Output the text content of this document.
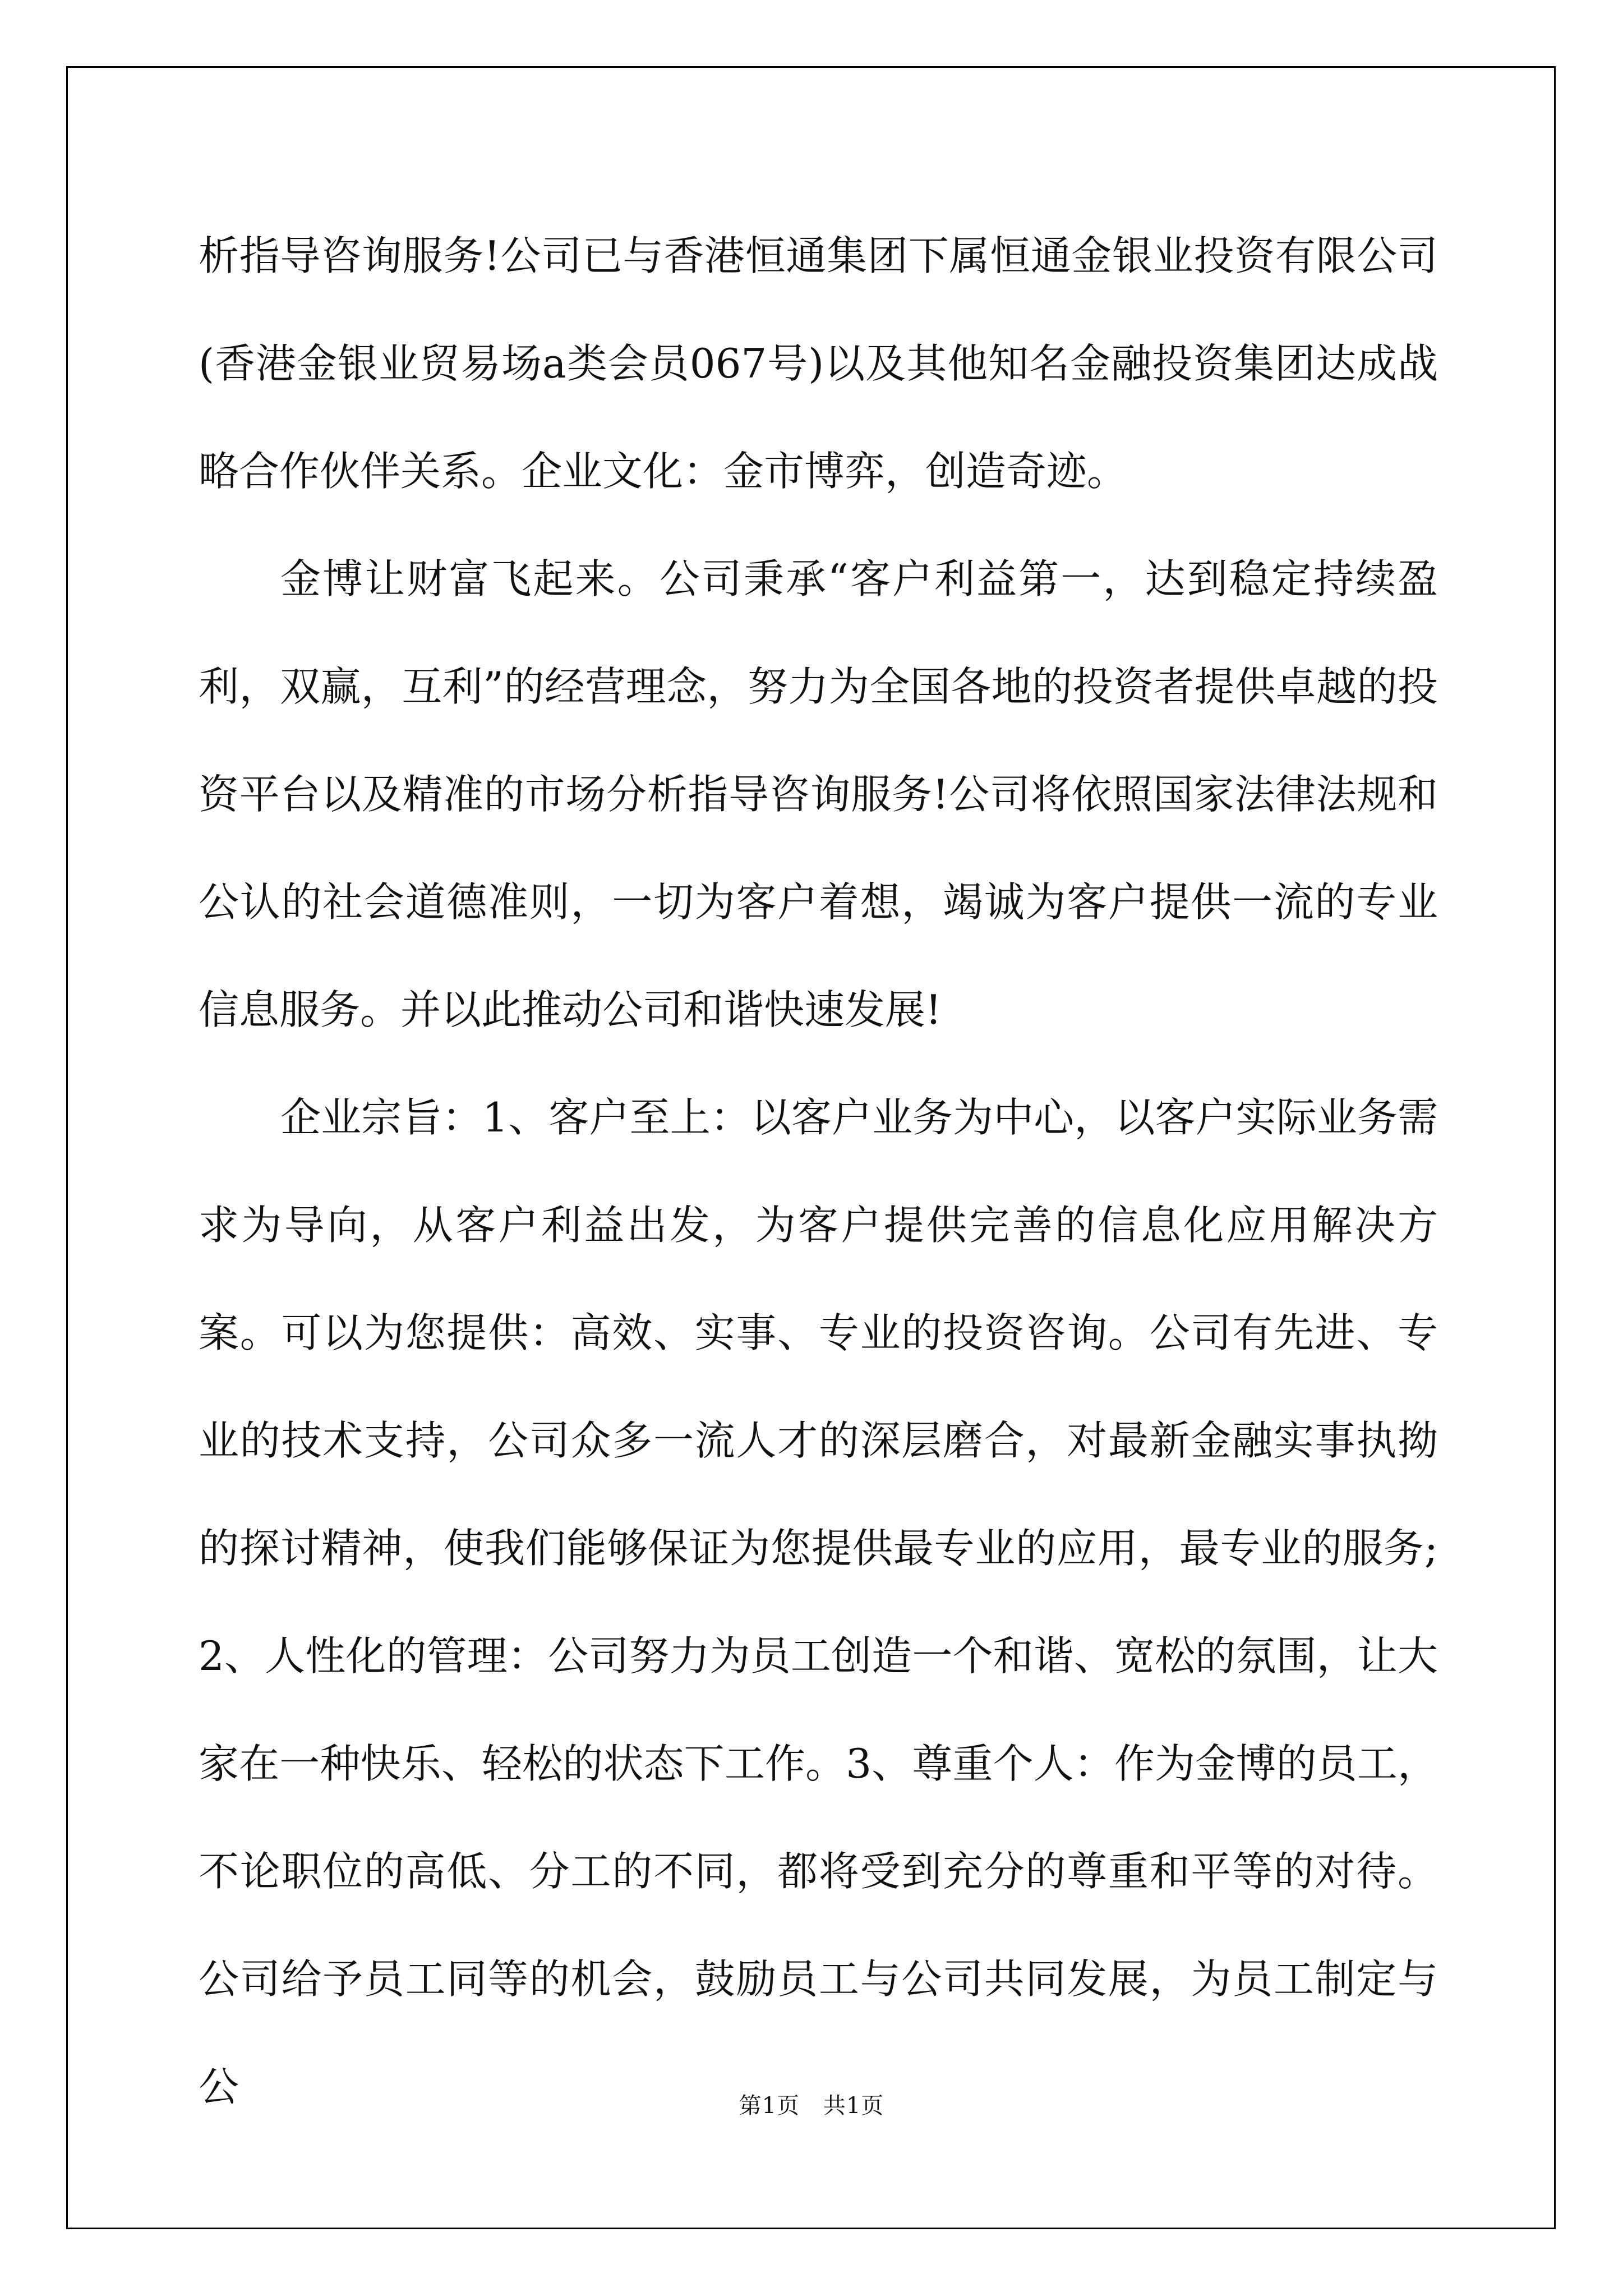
析指导咨询服务!公司已与香港恒通集团下属恒通金银业投资有限公司(香港金银业贸易场a类会员067号)以及其他知名金融投资集团达成战略合作伙伴关系。企业文化：金市博弈，创造奇迹。

金博让财富飞起来。公司秉承“客户利益第一，达到稳定持续盈利，双赢，互利”的经营理念，努力为全国各地的投资者提供卓越的投资平台以及精准的市场分析指导咨询服务!公司将依照国家法律法规和公认的社会道德准则，一切为客户着想，竭诚为客户提供一流的专业信息服务。并以此推动公司和谐快速发展!

企业宗旨：1、客户至上：以客户业务为中心，以客户实际业务需求为导向，从客户利益出发，为客户提供完善的信息化应用解决方案。可以为您提供：高效、实事、专业的投资咨询。公司有先进、专业的技术支持，公司众多一流人才的深层磨合，对最新金融实事执拗的探讨精神，使我们能够保证为您提供最专业的应用，最专业的服务;2、人性化的管理：公司努力为员工创造一个和谐、宽松的氛围，让大家在一种快乐、轻松的状态下工作。3、尊重个人：作为金博的员工，不论职位的高低、分工的不同，都将受到充分的尊重和平等的对待。公司给予员工同等的机会，鼓励员工与公司共同发展，为员工制定与公	第1页 共1页
